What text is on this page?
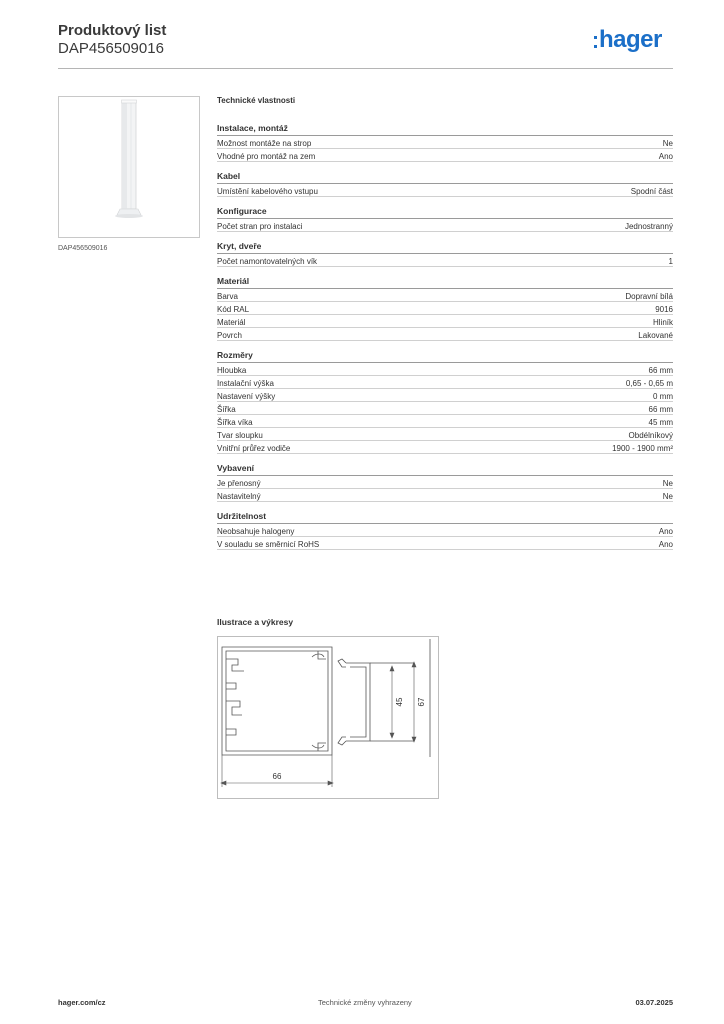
Produktový list
DAP456509016	hager
DAP456509016
Technické vlastnosti
Instalace, montáž
Možnost montáže na strop	Ne
Vhodné pro montáž na zem	Ano
Kabel
Umístění kabelového vstupu	Spodní část
Konfigurace
Počet stran pro instalaci	Jednostranný
Kryt, dveře
Počet namontovatelných vík	1
Materiál
Barva	Dopravní bílá
Kód RAL	9016
Materiál	Hliník
Povrch	Lakované
Rozměry
Hloubka	66 mm
Instalační výška	0,65 - 0,65 m
Nastavení výšky	0 mm
Šířka	66 mm
Šířka víka	45 mm
Tvar sloupku	Obdélníkový
Vnitřní průřez vodiče	1900 - 1900 mm²
Vybavení
Je přenosný	Ne
Nastavitelný	Ne
Udržitelnost
Neobsahuje halogeny	Ano
V souladu se směrnicí RoHS	Ano
Ilustrace a výkresy
66
45 67
hager.com/cz	Technické změny vyhrazeny	03.07.2025
